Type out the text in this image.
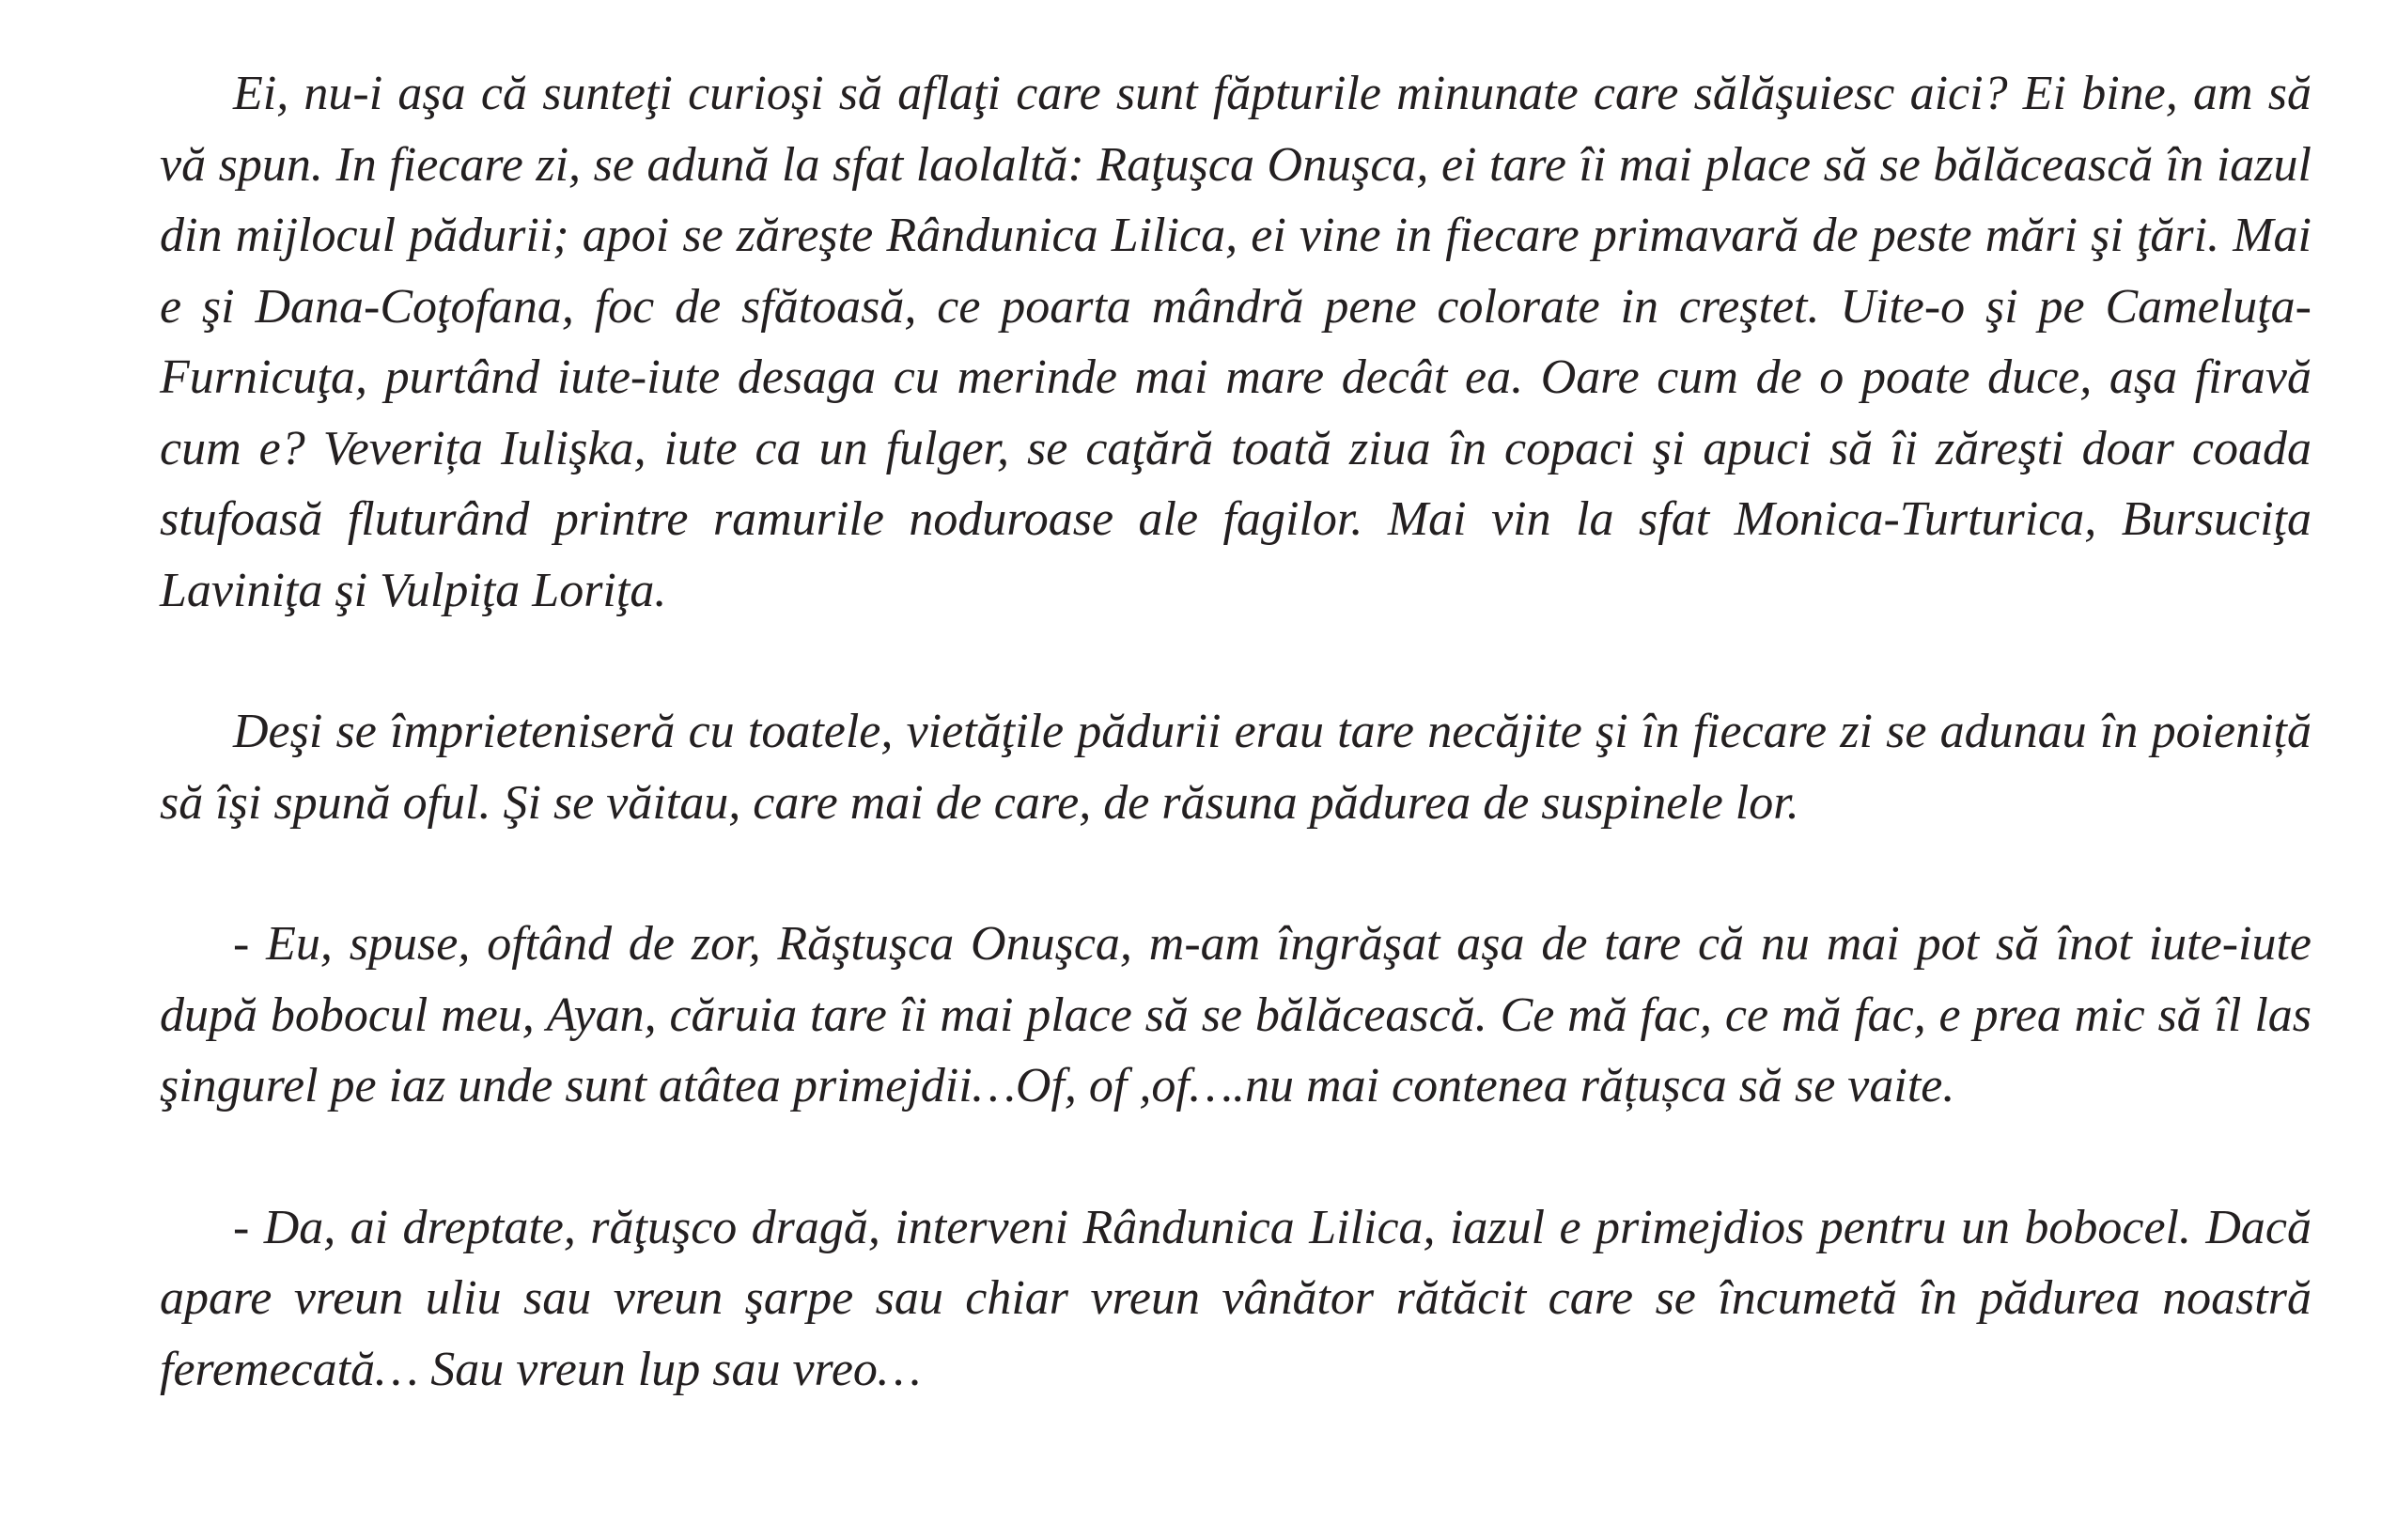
Ei, nu-i aşa că sunteţi curioşi să aflaţi care sunt făpturile minunate care sălăşuiesc aici? Ei bine, am să vă spun. In fiecare zi, se adună la sfat laolaltă: Raţuşca Onuşca, ei tare îi mai place să se bălăcească în iazul din mijlocul pădurii; apoi se zăreşte Rândunica Lilica, ei vine in fiecare primavară de peste mări şi ţări. Mai e şi Dana-Coţofana, foc de sfătoasă, ce poarta mândră pene colorate in creştet. Uite-o şi pe Cameluţa-Furnicuţa, purtând iute-iute desaga cu merinde mai mare decât ea. Oare cum de o poate duce, aşa firavă cum e? Veverița Iulişka, iute ca un fulger, se caţără toată ziua în copaci şi apuci să îi zăreşti doar coada stufoasă fluturând printre ramurile noduroase ale fagilor. Mai vin la sfat Monica-Turturica, Bursuciţa Laviniţa şi Vulpiţa Loriţa.

Deşi se împrieteniseră cu toatele, vietăţile pădurii erau tare necăjite şi în fiecare zi se adunau în poieniță să îşi spună oful. Şi se văitau, care mai de care, de răsuna pădurea de suspinele lor.

- Eu, spuse, oftând de zor, Răştuşca Onuşca, m-am îngrăşat aşa de tare că nu mai pot să înot iute-iute după bobocul meu, Ayan, căruia tare îi mai place să se bălăcească. Ce mă fac, ce mă fac, e prea mic să îl las şingurel pe iaz unde sunt atâtea primejdii…Of, of ,of….nu mai contenea rățușca să se vaite.

- Da, ai dreptate, răţuşco dragă, interveni Rândunica Lilica, iazul e primejdios pentru un bobocel. Dacă apare vreun uliu sau vreun şarpe sau chiar vreun vânător rătăcit care se încumetă în pădurea noastră feremecată… Sau vreun lup sau vreo…
